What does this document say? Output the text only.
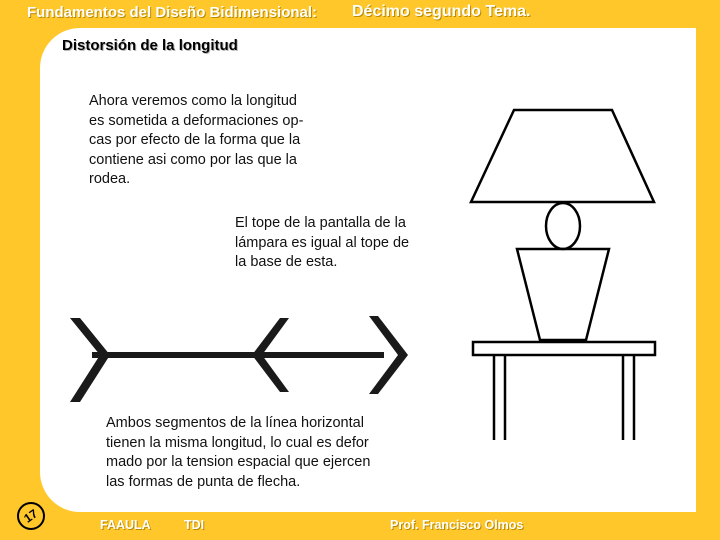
Fundamentos del Diseño Bidimensional: Décimo segundo Tema.
Distorsión de la longitud
Ahora veremos como la longitud
es sometida a deformaciones op-
cas por efecto de la forma que la
contiene asi como por las que la
rodea.
El tope de la pantalla de la
lámpara es igual al tope de
la base de esta.
Ambos segmentos de la línea horizontal
tienen la misma longitud, lo cual es defor
mado por la tension espacial que ejercen
las formas de punta de flecha.
17	FAAULA	TDI	Prof. Francisco Olmos
